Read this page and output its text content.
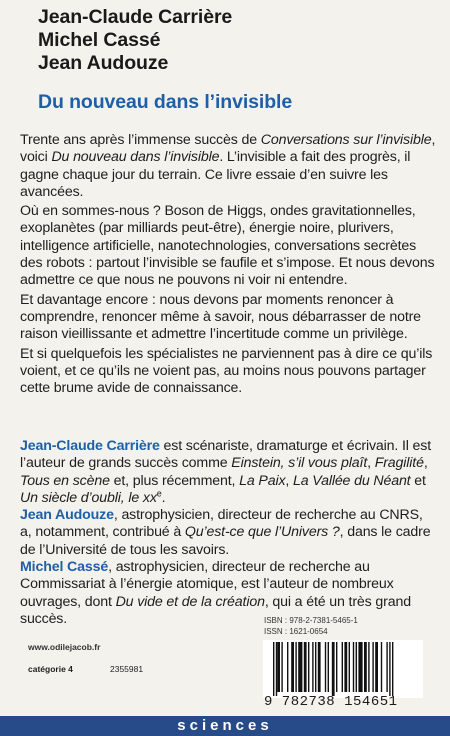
Jean-Claude Carrière
Michel Cassé
Jean Audouze
Du nouveau dans l’invisible

Trente ans après l’immense succès de Conversations sur l’invisible, voici Du nouveau dans l’invisible. L’invisible a fait des progrès, il gagne chaque jour du terrain. Ce livre essaie d’en suivre les avancées.

Où en sommes-nous ? Boson de Higgs, ondes gravitationnelles, exoplanètes (par milliards peut-être), énergie noire, plurivers, intelligence artificielle, nanotechnologies, conversations secrètes des robots : partout l’invisible se faufile et s’impose. Et nous devons admettre ce que nous ne pouvons ni voir ni entendre.

Et davantage encore : nous devons par moments renoncer à comprendre, renoncer même à savoir, nous débarrasser de notre raison vieillissante et admettre l’incertitude comme un privilège.

Et si quelquefois les spécialistes ne parviennent pas à dire ce qu’ils voient, et ce qu’ils ne voient pas, au moins nous pouvons partager cette brume avide de connaissance.

Jean-Claude Carrière est scénariste, dramaturge et écrivain. Il est l’auteur de grands succès comme Einstein, s’il vous plaît, Fragilité, Tous en scène et, plus récemment, La Paix, La Vallée du Néant et Un siècle d’oubli, le $xx^e$.

Jean Audouze, astrophysicien, directeur de recherche au CNRS, a, notamment, contribué à Qu’est-ce que l’Univers ?, dans le cadre de l’Université de tous les savoirs.

Michel Cassé, astrophysicien, directeur de recherche au Commissariat à l’énergie atomique, est l’auteur de nombreux ouvrages, dont Du vide et de la création, qui a été un très grand succès.	ISBN : 978-2-7381-5465-1
ISSN : 1621-0654
www.odilejacob.fr
catégorie 4	2355981
9 782738 154651
sciences
